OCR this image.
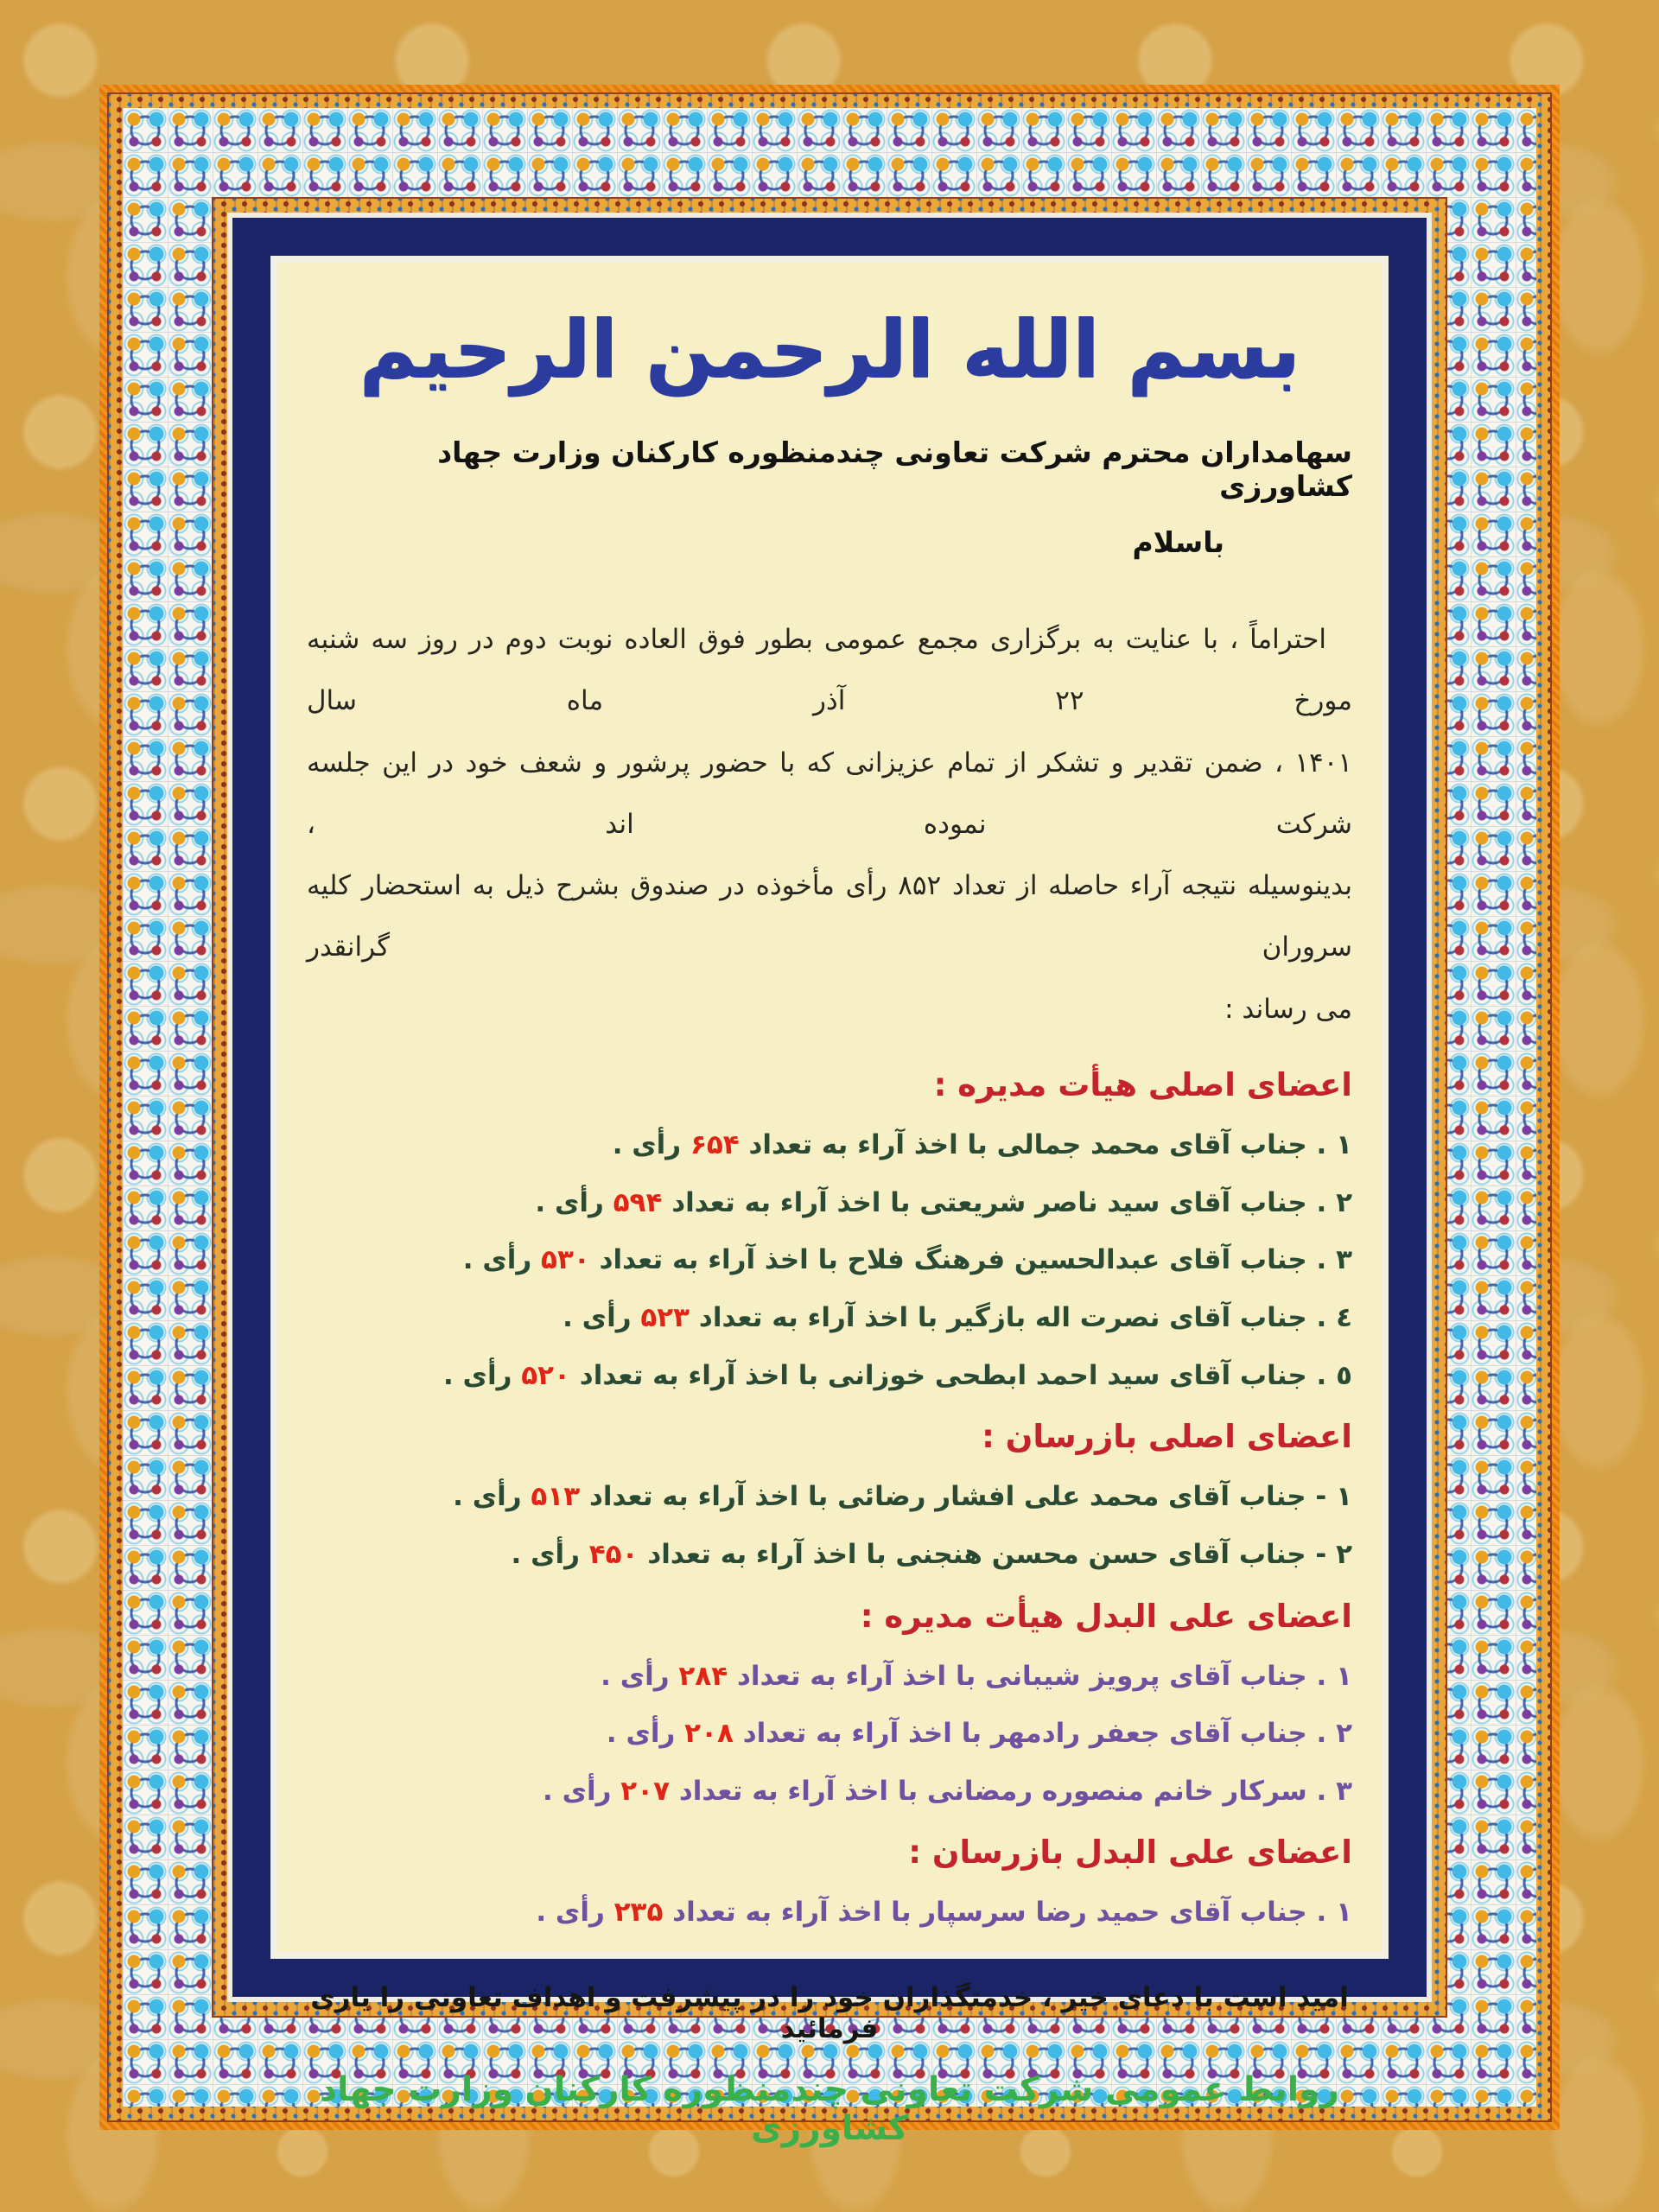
بسم الله الرحمن الرحیم
سهامداران محترم شرکت تعاونی چندمنظوره کارکنان وزارت جهاد کشاورزی
باسلام
احتراماً ، با عنایت به برگزاری مجمع عمومی بطور فوق العاده نوبت دوم در روز سه شنبه مورخ ۲۲ آذر ماه سال
۱۴۰۱ ، ضمن تقدیر و تشکر از تمام عزیزانی که با حضور پرشور و شعف خود در این جلسه شرکت نموده اند ،
بدینوسیله نتیجه آراء حاصله از تعداد ۸۵۲ رأی مأخوذه در صندوق بشرح ذیل به استحضار کلیه سروران گرانقدر
می رساند :
اعضای اصلی هیأت مدیره :
۱ . جناب آقای محمد جمالی با اخذ آراء به تعداد ۶۵۴ رأی .
۲ . جناب آقای سید ناصر شریعتی با اخذ آراء به تعداد ۵۹۴ رأی .
۳ . جناب آقای عبدالحسین فرهنگ فلاح با اخذ آراء به تعداد ۵۳۰ رأی .
٤ . جناب آقای نصرت اله بازگیر با اخذ آراء به تعداد ۵۲۳ رأی .
٥ . جناب آقای سید احمد ابطحی خوزانی با اخذ آراء به تعداد ۵۲۰ رأی .
اعضای اصلی بازرسان :
۱ - جناب آقای محمد علی افشار رضائی با اخذ آراء به تعداد ۵۱۳ رأی .
۲ - جناب آقای حسن محسن هنجنی با اخذ آراء به تعداد ۴۵۰ رأی .
اعضای علی البدل هیأت مدیره :
۱ . جناب آقای پرویز شیبانی با اخذ آراء به تعداد ۲۸۴ رأی .
۲ . جناب آقای جعفر رادمهر با اخذ آراء به تعداد ۲۰۸ رأی .
۳ . سرکار خانم منصوره رمضانی با اخذ آراء به تعداد ۲۰۷ رأی .
اعضای علی البدل بازرسان :
۱ . جناب آقای حمید رضا سرسپار با اخذ آراء به تعداد ۲۳۵ رأی .
امید است با دعای خیر ، خدمتگذاران خود را در پیشرفت و اهداف تعاونی را یاری فرمائید
روابط عمومی شرکت تعاونی چندمنظوره کارکنان وزارت جهاد کشاورزی
